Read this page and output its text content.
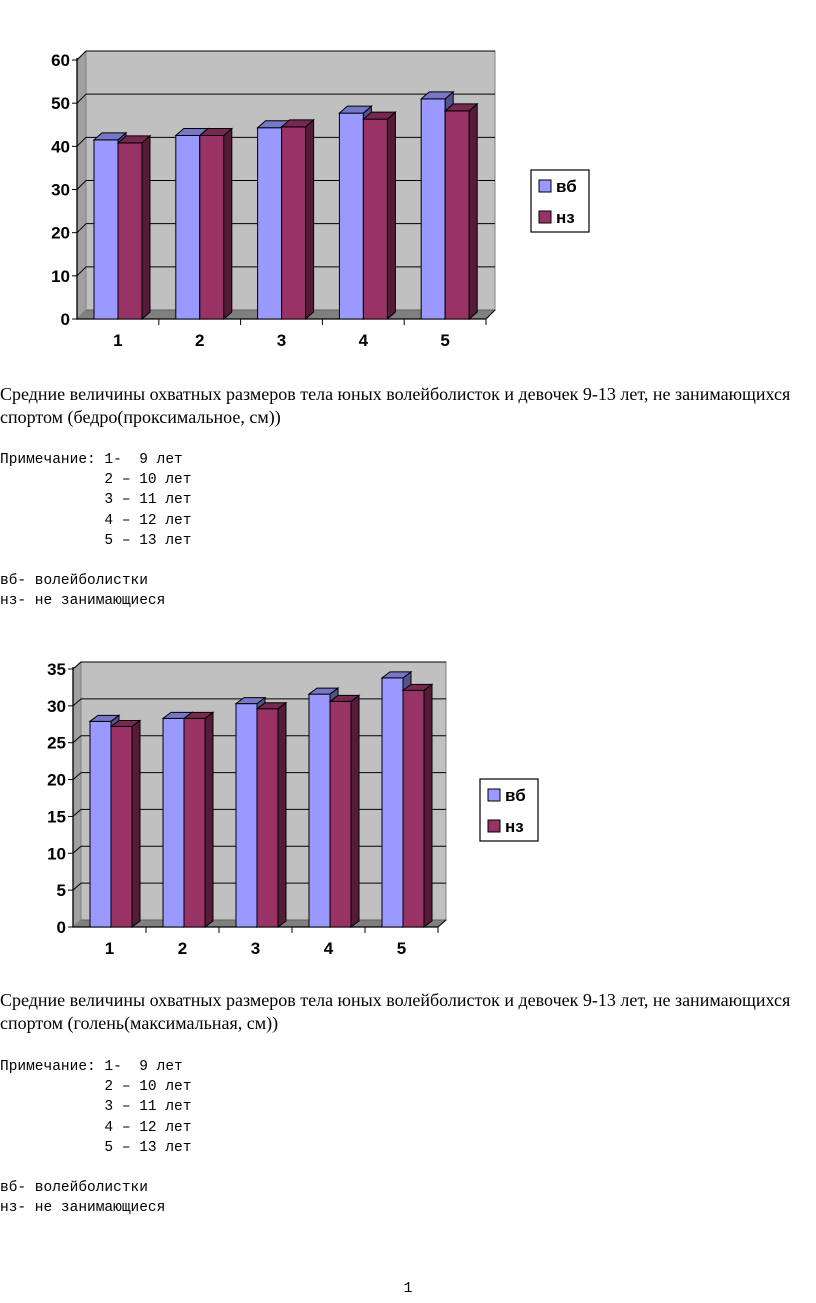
0
10
20
30
40
50
60
1	2	3	4	5
вб
нз
Средние величины охватных размеров тела юных волейболисток и девочек 9-13 лет, не занимающихся спортом (бедро(проксимальное, см))
Примечание: 1-  9 лет
2 – 10 лет
3 – 11 лет
4 – 12 лет
5 – 13 лет

вб- волейболистки
нз- не занимающиеся
0
5
10
15
20
25
30
35
1	2	3	4	5
вб
нз
Средние величины охватных размеров тела юных волейболисток и девочек 9-13 лет, не занимающихся спортом (голень(максимальная, см))
Примечание: 1-  9 лет
2 – 10 лет
3 – 11 лет
4 – 12 лет
5 – 13 лет

вб- волейболистки
нз- не занимающиеся
1
